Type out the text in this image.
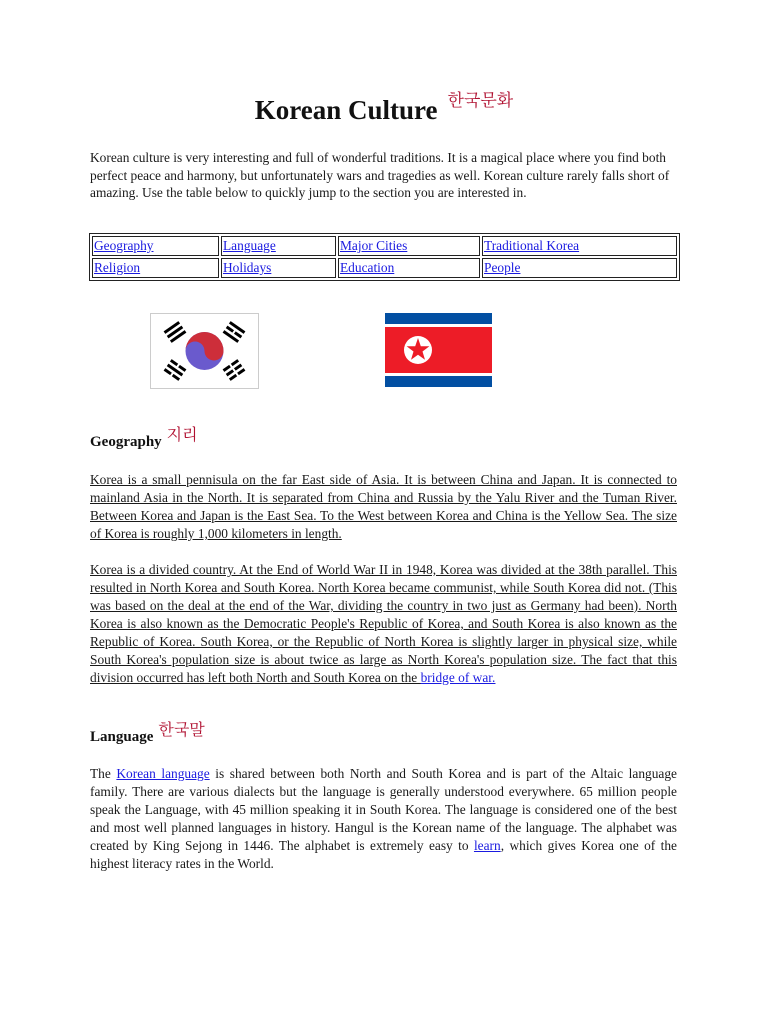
Korean Culture 한국문화
Korean culture is very interesting and full of wonderful traditions. It is a magical place where you find both perfect peace and harmony, but unfortunately wars and tragedies as well. Korean culture rarely falls short of amazing. Use the table below to quickly jump to the section you are interested in.
Geography	Language	Major Cities	Traditional Korea
Religion	Holidays	Education	People
Geography 지리
Korea is a small pennisula on the far East side of Asia. It is between China and Japan. It is connected to mainland Asia in the North. It is separated from China and Russia by the Yalu River and the Tuman River. Between Korea and Japan is the East Sea. To the West between Korea and China is the Yellow Sea. The size of Korea is roughly 1,000 kilometers in length.
Korea is a divided country. At the End of World War II in 1948, Korea was divided at the 38th parallel. This resulted in North Korea and South Korea. North Korea became communist, while South Korea did not. (This was based on the deal at the end of the War, dividing the country in two just as Germany had been). North Korea is also known as the Democratic People's Republic of Korea, and South Korea is also known as the Republic of Korea. South Korea, or the Republic of North Korea is slightly larger in physical size, while South Korea's population size is about twice as large as North Korea's population size. The fact that this division occurred has left both North and South Korea on the bridge of war.
Language 한국말
The Korean language is shared between both North and South Korea and is part of the Altaic language family. There are various dialects but the language is generally understood everywhere. 65 million people speak the Language, with 45 million speaking it in South Korea. The language is considered one of the best and most well planned languages in history. Hangul is the Korean name of the language. The alphabet was created by King Sejong in 1446. The alphabet is extremely easy to learn, which gives Korea one of the highest literacy rates in the World.
